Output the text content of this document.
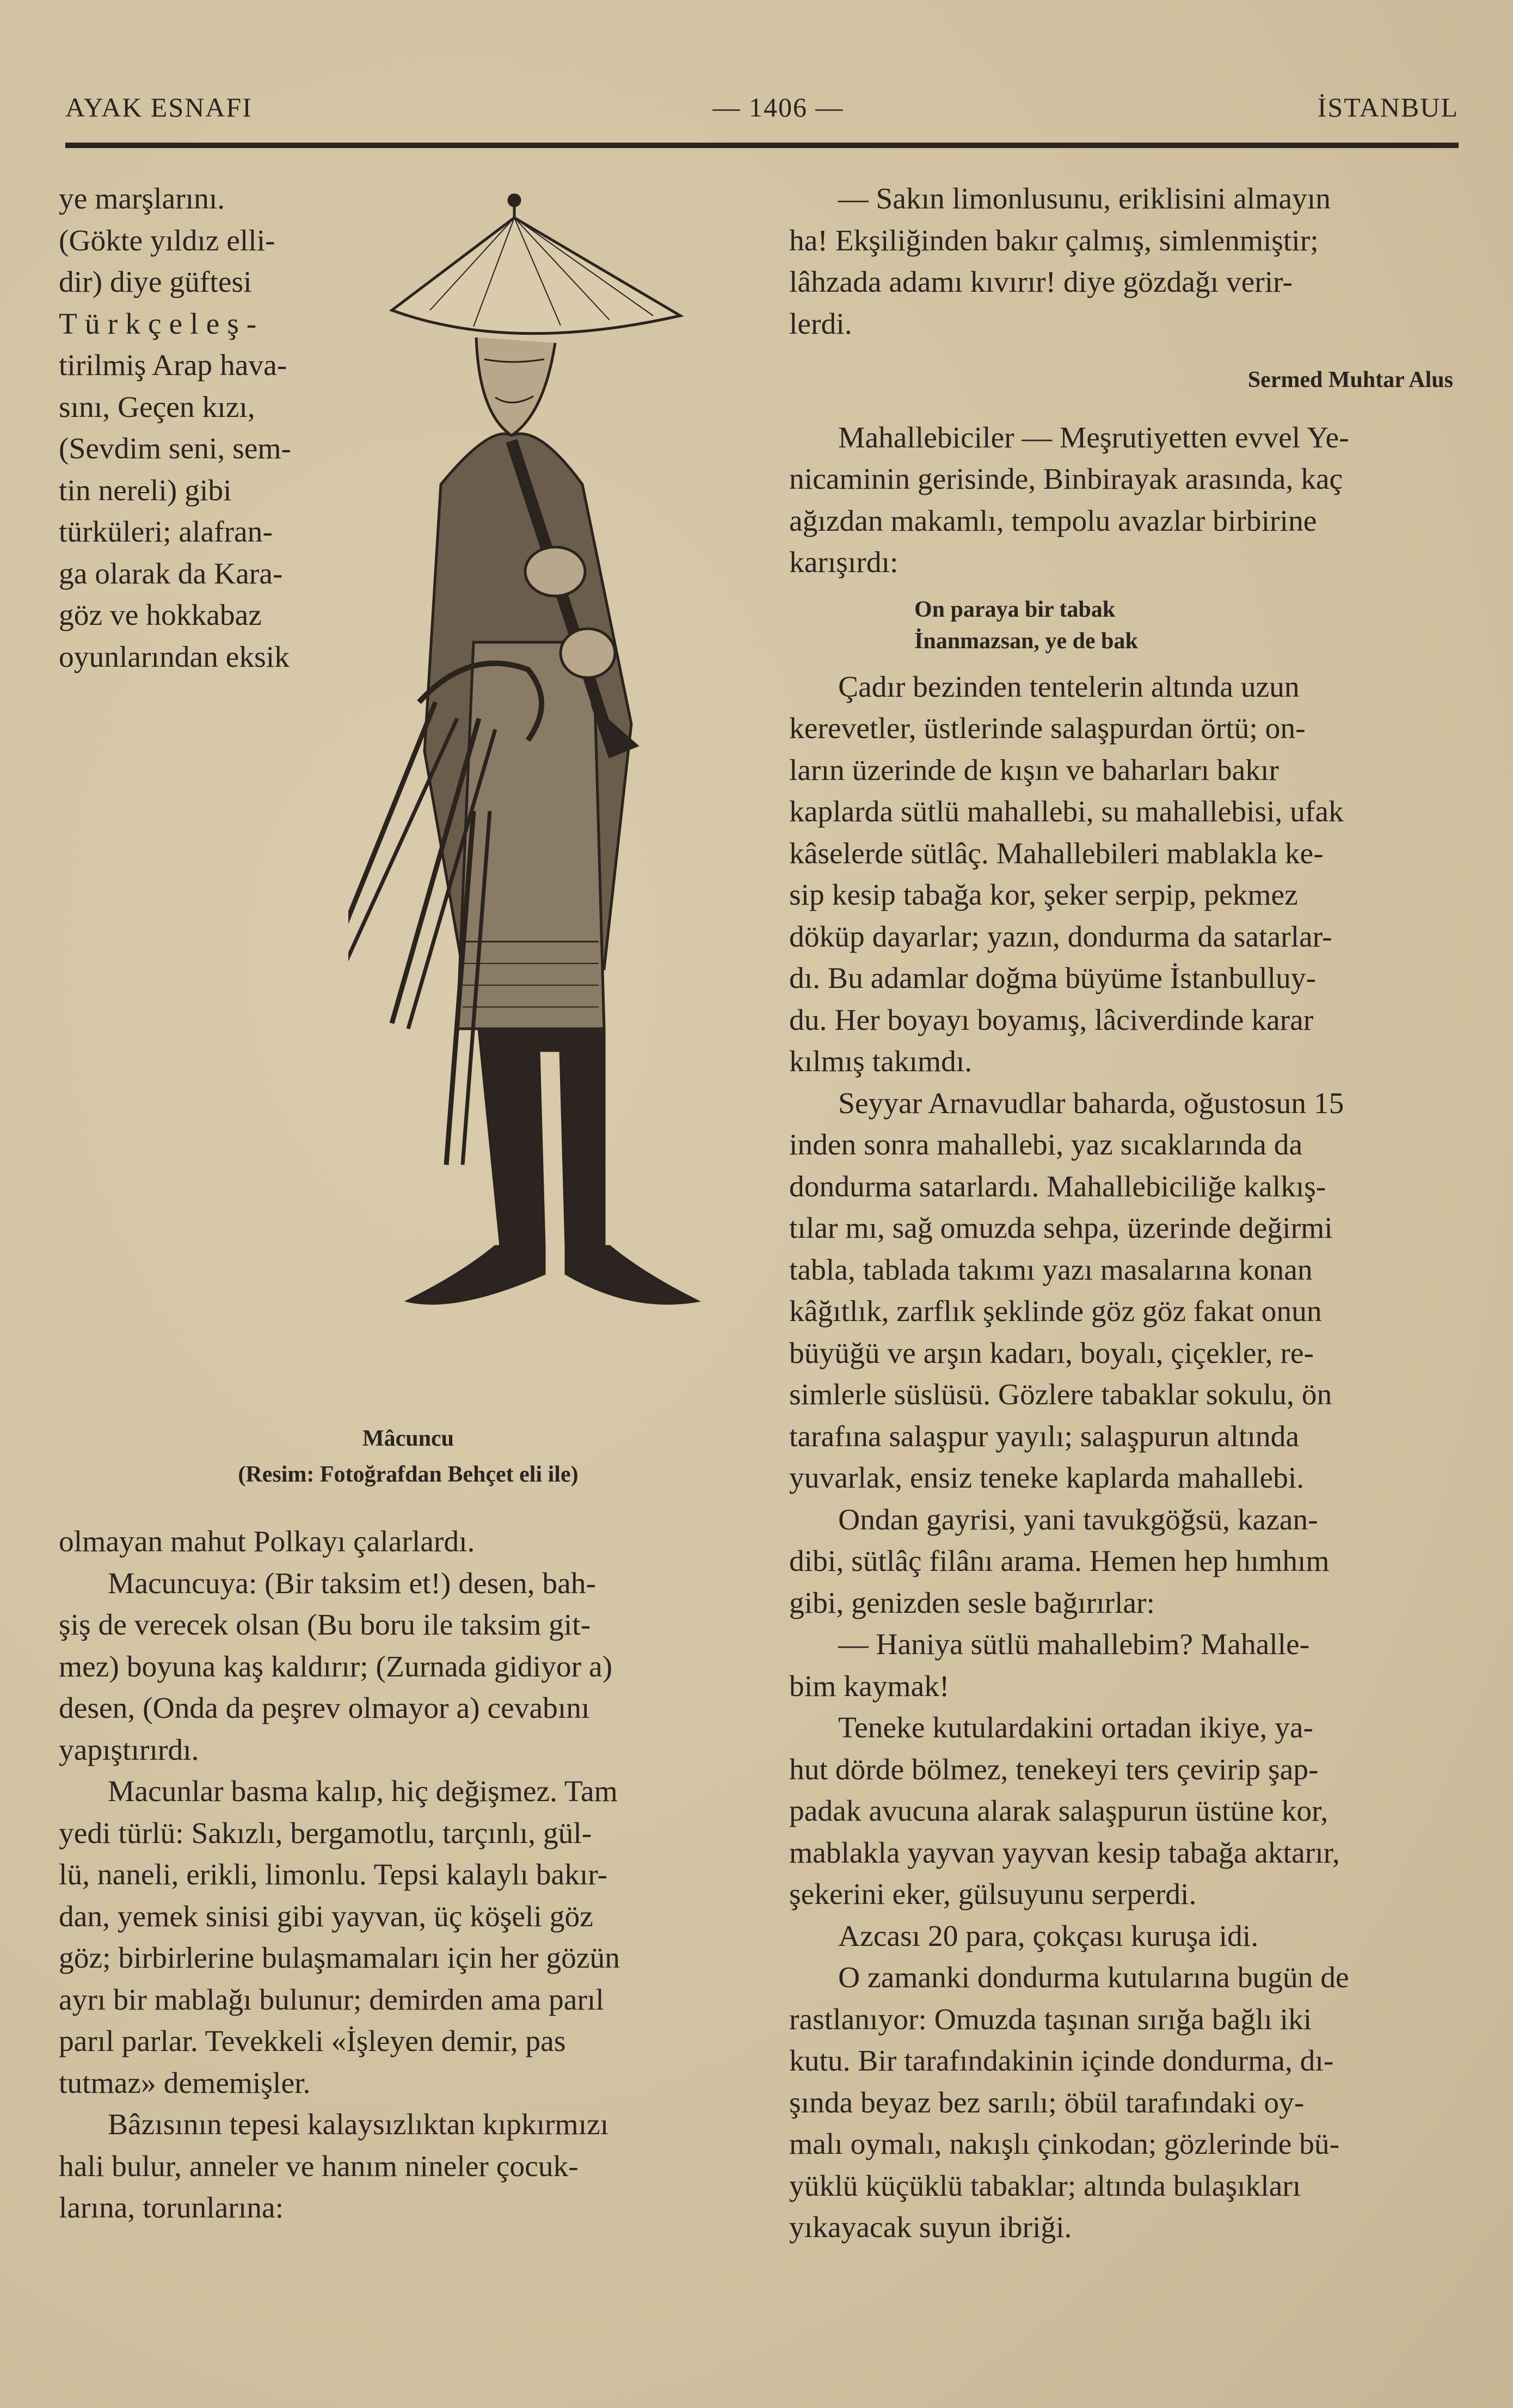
AYAK ESNAFI	— 1406 —	İSTANBUL

ye marşlarını.

(Gökte yıldız elli-

dir) diye güftesi

Türkçeleş-

tirilmiş Arap hava-

sını, Geçen kızı,

(Sevdim seni, sem-

tin nereli) gibi

türküleri; alafran-

ga olarak da Kara-

göz ve hokkabaz

oyunlarından eksik

Mâcuncu

(Resim: Fotoğrafdan Behçet eli ile)

olmayan mahut Polkayı çalarlardı.

Macuncuya: (Bir taksim et!) desen, bah-

şiş de verecek olsan (Bu boru ile taksim git-

mez) boyuna kaş kaldırır; (Zurnada gidiyor a)

desen, (Onda da peşrev olmayor a) cevabını

yapıştırırdı.

Macunlar basma kalıp, hiç değişmez. Tam

yedi türlü: Sakızlı, bergamotlu, tarçınlı, gül-

lü, naneli, erikli, limonlu. Tepsi kalaylı bakır-

dan, yemek sinisi gibi yayvan, üç köşeli göz

göz; birbirlerine bulaşmamaları için her gözün

ayrı bir mablağı bulunur; demirden ama parıl

parıl parlar. Tevekkeli «İşleyen demir, pas

tutmaz» dememişler.

Bâzısının tepesi kalaysızlıktan kıpkırmızı

hali bulur, anneler ve hanım nineler çocuk-

larına, torunlarına:

— Sakın limonlusunu, eriklisini almayın

ha! Ekşiliğinden bakır çalmış, simlenmiştir;

lâhzada adamı kıvırır! diye gözdağı verir-

lerdi.

Sermed Muhtar Alus

Mahallebiciler — Meşrutiyetten evvel Ye-

nicaminin gerisinde, Binbirayak arasında, kaç

ağızdan makamlı, tempolu avazlar birbirine

karışırdı:

On paraya bir tabak

İnanmazsan, ye de bak

Çadır bezinden tentelerin altında uzun

kerevetler, üstlerinde salaşpurdan örtü; on-

ların üzerinde de kışın ve baharları bakır

kaplarda sütlü mahallebi, su mahallebisi, ufak

kâselerde sütlâç. Mahallebileri mablakla ke-

sip kesip tabağa kor, şeker serpip, pekmez

döküp dayarlar; yazın, dondurma da satarlar-

dı. Bu adamlar doğma büyüme İstanbulluy-

du. Her boyayı boyamış, lâciverdinde karar

kılmış takımdı.

Seyyar Arnavudlar baharda, oğustosun 15

inden sonra mahallebi, yaz sıcaklarında da

dondurma satarlardı. Mahallebiciliğe kalkış-

tılar mı, sağ omuzda sehpa, üzerinde değirmi

tabla, tablada takımı yazı masalarına konan

kâğıtlık, zarflık şeklinde göz göz fakat onun

büyüğü ve arşın kadarı, boyalı, çiçekler, re-

simlerle süslüsü. Gözlere tabaklar sokulu, ön

tarafına salaşpur yayılı; salaşpurun altında

yuvarlak, ensiz teneke kaplarda mahallebi.

Ondan gayrisi, yani tavukgöğsü, kazan-

dibi, sütlâç filânı arama. Hemen hep hımhım

gibi, genizden sesle bağırırlar:

— Haniya sütlü mahallebim? Mahalle-

bim kaymak!

Teneke kutulardakini ortadan ikiye, ya-

hut dörde bölmez, tenekeyi ters çevirip şap-

padak avucuna alarak salaşpurun üstüne kor,

mablakla yayvan yayvan kesip tabağa aktarır,

şekerini eker, gülsuyunu serperdi.

Azcası 20 para, çokçası kuruşa idi.

O zamanki dondurma kutularına bugün de

rastlanıyor: Omuzda taşınan sırığa bağlı iki

kutu. Bir tarafındakinin içinde dondurma, dı-

şında beyaz bez sarılı; öbül tarafındaki oy-

malı oymalı, nakışlı çinkodan; gözlerinde bü-

yüklü küçüklü tabaklar; altında bulaşıkları

yıkayacak suyun ibriği.
